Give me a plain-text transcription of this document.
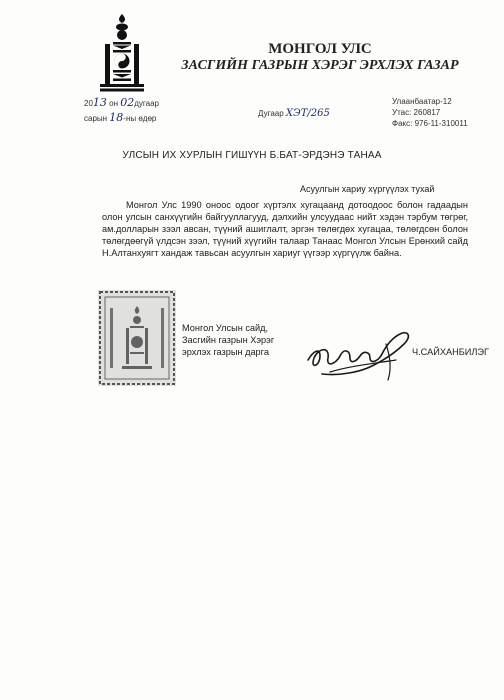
МОНГОЛ УЛС
ЗАСГИЙН ГАЗРЫН ХЭРЭГ ЭРХЛЭХ ГАЗАР
2013 он 02дугаар
сарын 18-ны өдөр
Дугаар ХЭТ/265
Улаанбаатар-12
Утас: 260817
Факс: 976-11-310011
УЛСЫН ИХ ХУРЛЫН ГИШҮҮН Б.БАТ-ЭРДЭНЭ ТАНАА
Асуулгын хариу хүргүүлэх тухай
Монгол Улс 1990 оноос одоог хүртэлх хугацаанд дотоодоос болон гадаадын олон улсын санхүүгийн байгууллагууд, дэлхийн улсуудаас нийт хэдэн тэрбум төгрөг, ам.долларын зээл авсан, түүний ашиглалт, эргэн төлөгдөх хугацаа, төлөгдсөн болон төлөгдөөгүй үлдсэн зээл, түүний хүүгийн талаар Танаас Монгол Улсын Ерөнхий сайд Н.Алтанхуягт хандаж тавьсан асуулгын хариуг үүгээр хүргүүлж байна.
Монгол Улсын сайд,
Засгийн газрын Хэрэг
эрхлэх газрын дарга	Ч.САЙХАНБИЛЭГ
